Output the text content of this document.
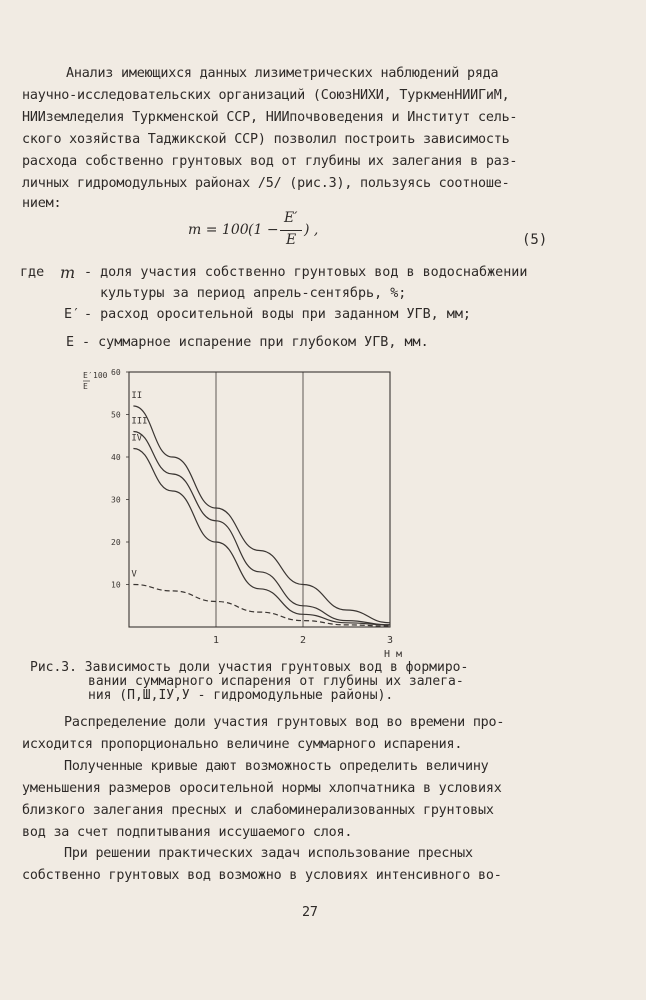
Анализ имеющихся данных лизиметрических наблюдений ряда
научно-исследовательских организаций (СоюзНИХИ, ТуркменНИИГиМ,
НИИземледелия Туркменской ССР, НИИпочвоведения и Институт сель-
ского хозяйства Таджикской ССР) позволил построить зависимость
расхода собственно грунтовых вод от глубины их залегания в раз-
личных гидромодульных районах /5/ (рис.3), пользуясь соотноше-
нием:
m = 100 (1 −
E′
E
) ,
(5)
где m - доля участия собственно грунтовых вод в водоснабжении
культуры за период апрель-сентябрь, %;
E′ - расход оросительной воды при заданном УГВ, мм;
E - суммарное испарение при глубоком УГВ, мм.
1	2	3
10
20
30
40
50
60
100
E′
E
Н м
II
III
IV
V
Рис.3. Зависимость доли участия грунтовых вод в формиро-
вании суммарного испарения от глубины их залега-
ния (П,Ш,IУ,У - гидромодульные районы).
Распределение доли участия грунтовых вод во времени про-
исходится пропорционально величине суммарного испарения.
Полученные кривые дают возможность определить величину
уменьшения размеров оросительной нормы хлопчатника в условиях
близкого залегания пресных и слабоминерализованных грунтовых
вод за счет подпитывания иссушаемого слоя.
При решении практических задач использование пресных
собственно грунтовых вод возможно в условиях интенсивного во-
27
